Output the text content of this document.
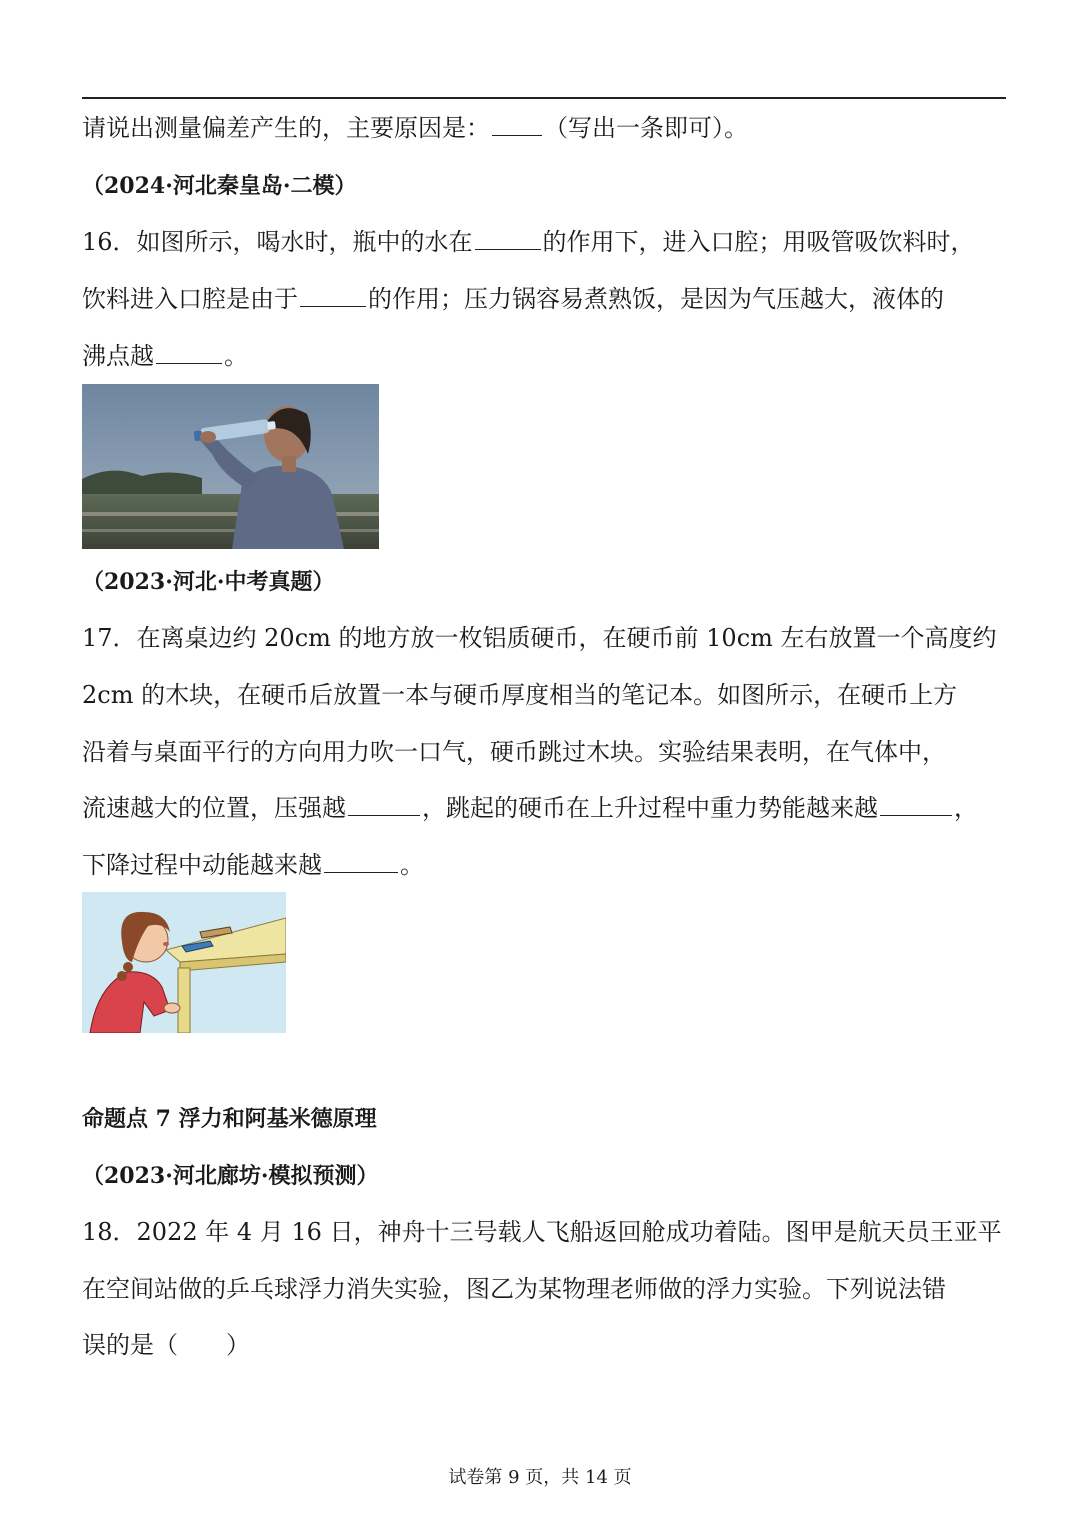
请说出测量偏差产生的，主要原因是： （写出一条即可）。
（2024·河北秦皇岛·二模）
16．如图所示，喝水时，瓶中的水在	的作用下，进入口腔；用吸管吸饮料时，
饮料进入口腔是由于	的作用；压力锅容易煮熟饭，是因为气压越大，液体的
沸点越	。
（2023·河北·中考真题）
17．在离桌边约 20cm 的地方放一枚铝质硬币，在硬币前 10cm 左右放置一个高度约
2cm 的木块，在硬币后放置一本与硬币厚度相当的笔记本。如图所示，在硬币上方
沿着与桌面平行的方向用力吹一口气，硬币跳过木块。实验结果表明，在气体中，
流速越大的位置，压强越	，跳起的硬币在上升过程中重力势能越来越	，
下降过程中动能越来越	。
命题点 7 浮力和阿基米德原理
（2023·河北廊坊·模拟预测）
18．2022 年 4 月 16 日，神舟十三号载人飞船返回舱成功着陆。图甲是航天员王亚平
在空间站做的乒乓球浮力消失实验，图乙为某物理老师做的浮力实验。下列说法错
误的是（　　）
试卷第 9 页，共 14 页
